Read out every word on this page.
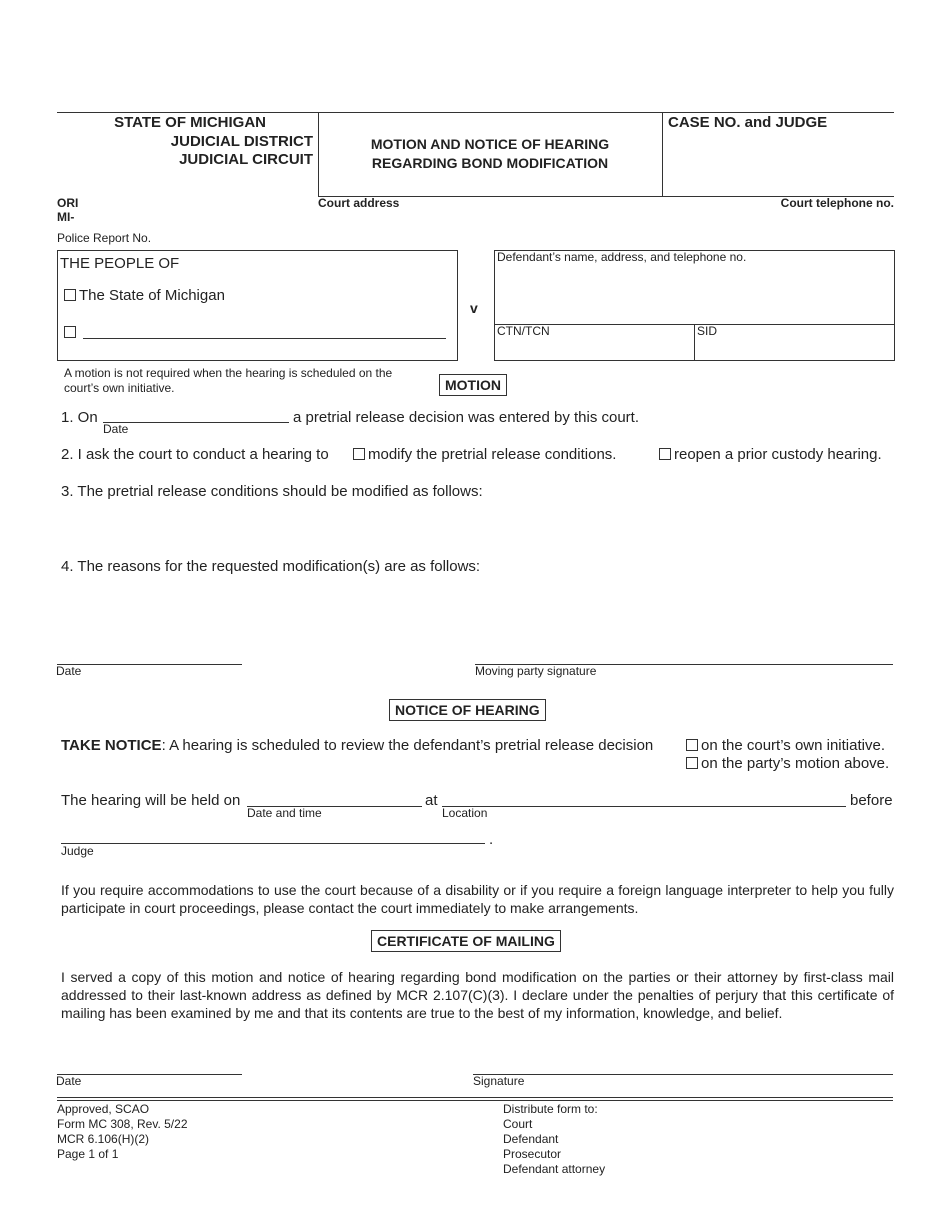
STATE OF MICHIGAN
JUDICIAL DISTRICT
JUDICIAL CIRCUIT
MOTION AND NOTICE OF HEARING
REGARDING BOND MODIFICATION
CASE NO. and JUDGE
ORI
MI-
Court address	Court telephone no.
Police Report No.
THE PEOPLE OF
The State of Michigan
v
Defendant’s name, address, and telephone no.
CTN/TCN	SID
A motion is not required when the hearing is scheduled on the court’s own initiative.	MOTION
1. On
Date
a pretrial release decision was entered by this court.
2. I ask the court to conduct a hearing to	modify the pretrial release conditions.	reopen a prior custody hearing.
3. The pretrial release conditions should be modified as follows:
4. The reasons for the requested modification(s) are as follows:
Date	Moving party signature
NOTICE OF HEARING
TAKE NOTICE: A hearing is scheduled to review the defendant’s pretrial release decision	on the court’s own initiative.
on the party’s motion above.
The hearing will be held on
Date and time
at
Location
before
.
Judge
If you require accommodations to use the court because of a disability or if you require a foreign language interpreter to help you fully participate in court proceedings, please contact the court immediately to make arrangements.
CERTIFICATE OF MAILING
I served a copy of this motion and notice of hearing regarding bond modification on the parties or their attorney by first-class mail addressed to their last-known address as defined by MCR 2.107(C)(3). I declare under the penalties of perjury that this certificate of mailing has been examined by me and that its contents are true to the best of my information, knowledge, and belief.
Date	Signature
Approved, SCAO
Form MC 308, Rev. 5/22
MCR 6.106(H)(2)
Page 1 of 1
Distribute form to:
Court
Defendant
Prosecutor
Defendant attorney
